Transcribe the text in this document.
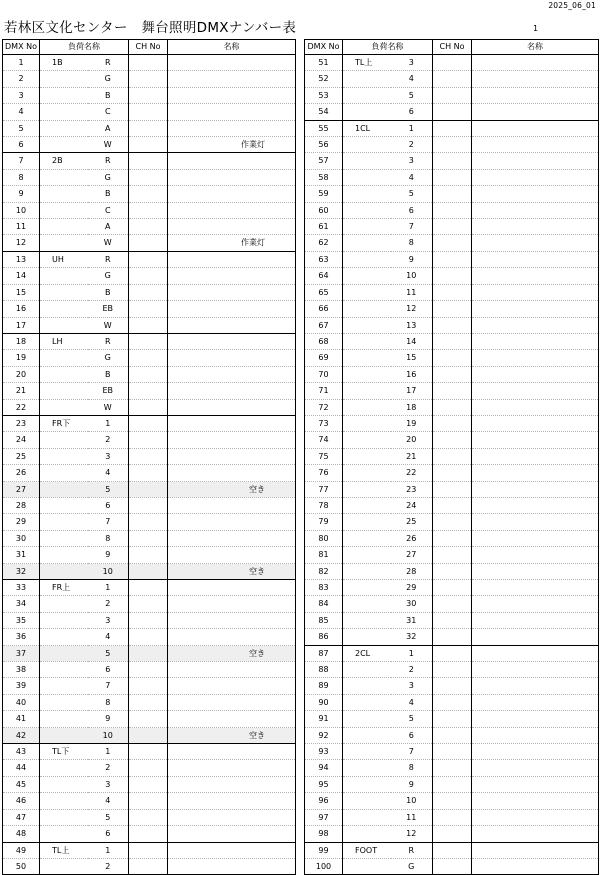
2025_06_01
若林区文化センター　舞台照明DMXナンバー表	1
DMX No	負荷名称		CH No	名称
1	1B	R		
2		G		
3		B		
4		C		
5		A		
6		W		作業灯
7	2B	R		
8		G		
9		B		
10		C		
11		A		
12		W		作業灯
13	UH	R		
14		G		
15		B		
16		EB		
17		W		
18	LH	R		
19		G		
20		B		
21		EB		
22		W		
23	FR下	1		
24		2		
25		3		
26		4		
27		5		空き
28		6		
29		7		
30		8		
31		9		
32		10		空き
33	FR上	1		
34		2		
35		3		
36		4		
37		5		空き
38		6		
39		7		
40		8		
41		9		
42		10		空き
43	TL下	1		
44		2		
45		3		
46		4		
47		5		
48		6		
49	TL上	1		
50		2		
DMX No	負荷名称		CH No	名称
51	TL上	3		
52		4		
53		5		
54		6		
55	1CL	1		
56		2		
57		3		
58		4		
59		5		
60		6		
61		7		
62		8		
63		9		
64		10		
65		11		
66		12		
67		13		
68		14		
69		15		
70		16		
71		17		
72		18		
73		19		
74		20		
75		21		
76		22		
77		23		
78		24		
79		25		
80		26		
81		27		
82		28		
83		29		
84		30		
85		31		
86		32		
87	2CL	1		
88		2		
89		3		
90		4		
91		5		
92		6		
93		7		
94		8		
95		9		
96		10		
97		11		
98		12		
99	FOOT	R		
100		G		
